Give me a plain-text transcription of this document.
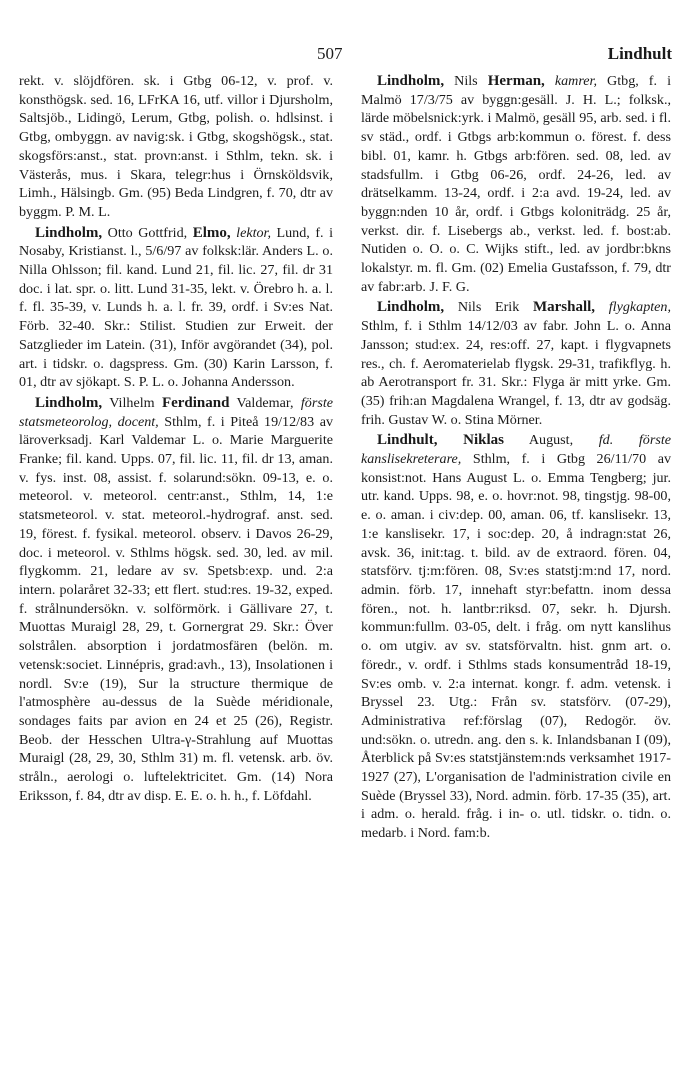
507	Lindhult

rekt. v. slöjdfören. sk. i Gtbg 06-12, v. prof. v. konsthögsk. sed. 16, LFrKA 16, utf. villor i Djursholm, Saltsjöb., Lidingö, Lerum, Gtbg, polish. o. hdlsinst. i Gtbg, ombyggn. av navig:sk. i Gtbg, skogshögsk., stat. skogsförs:anst., stat. provn:anst. i Sthlm, tekn. sk. i Västerås, mus. i Skara, telegr:hus i Örnsköldsvik, Limh., Hälsingb. Gm. (95) Beda Lindgren, f. 70, dtr av byggm. P. M. L.

Lindholm, Otto Gottfrid, Elmo, lektor, Lund, f. i Nosaby, Kristianst. l., 5/6/97 av folksk:lär. Anders L. o. Nilla Ohlsson; fil. kand. Lund 21, fil. lic. 27, fil. dr 31 doc. i lat. spr. o. litt. Lund 31-35, lekt. v. Örebro h. a. l. f. fl. 35-39, v. Lunds h. a. l. fr. 39, ordf. i Sv:es Nat. Förb. 32-40. Skr.: Stilist. Studien zur Erweit. der Satzglieder im Latein. (31), Inför avgörandet (34), pol. art. i tidskr. o. dagspress. Gm. (30) Karin Larsson, f. 01, dtr av sjökapt. S. P. L. o. Johanna Andersson.

Lindholm, Vilhelm Ferdinand Valdemar, förste statsmeteorolog, docent, Sthlm, f. i Piteå 19/12/83 av läroverksadj. Karl Valdemar L. o. Marie Marguerite Franke; fil. kand. Upps. 07, fil. lic. 11, fil. dr 13, aman. v. fys. inst. 08, assist. f. solarund:sökn. 09-13, e. o. meteorol. v. meteorol. centr:anst., Sthlm, 14, 1:e statsmeteorol. v. stat. meteorol.-hydrograf. anst. sed. 19, förest. f. fysikal. meteorol. observ. i Davos 26-29, doc. i meteorol. v. Sthlms högsk. sed. 30, led. av mil. flygkomm. 21, ledare av sv. Spetsb:exp. und. 2:a intern. polaråret 32-33; ett flert. stud:res. 19-32, exped. f. strålnundersökn. v. solförmörk. i Gällivare 27, t. Muottas Muraigl 28, 29, t. Gornergrat 29. Skr.: Över solstrålen. absorption i jordatmosfären (belön. m. vetensk:societ. Linnépris, grad:avh., 13), Insolationen i nordl. Sv:e (19), Sur la structure thermique de l'atmosphère au-dessus de la Suède méridionale, sondages faits par avion en 24 et 25 (26), Registr. Beob. der Hesschen Ultra-γ-Strahlung auf Muottas Muraigl (28, 29, 30, Sthlm 31) m. fl. vetensk. arb. öv. stråln., aerologi o. luftelektricitet. Gm. (14) Nora Eriksson, f. 84, dtr av disp. E. E. o. h. h., f. Löfdahl.

Lindholm, Nils Herman, kamrer, Gtbg, f. i Malmö 17/3/75 av byggn:gesäll. J. H. L.; folksk., lärde möbelsnick:yrk. i Malmö, gesäll 95, arb. sed. i fl. sv städ., ordf. i Gtbgs arb:kommun o. förest. f. dess bibl. 01, kamr. h. Gtbgs arb:fören. sed. 08, led. av stadsfullm. i Gtbg 06-26, ordf. 24-26, led. av drätselkamm. 13-24, ordf. i 2:a avd. 19-24, led. av byggn:nden 10 år, ordf. i Gtbgs koloniträdg. 25 år, verkst. dir. f. Lisebergs ab., verkst. led. f. bost:ab. Nutiden o. O. o. C. Wijks stift., led. av jordbr:bkns lokalstyr. m. fl. Gm. (02) Emelia Gustafsson, f. 79, dtr av fabr:arb. J. F. G.

Lindholm, Nils Erik Marshall, flygkapten, Sthlm, f. i Sthlm 14/12/03 av fabr. John L. o. Anna Jansson; stud:ex. 24, res:off. 27, kapt. i flygvapnets res., ch. f. Aeromaterielab flygsk. 29-31, trafikflyg. h. ab Aerotransport fr. 31. Skr.: Flyga är mitt yrke. Gm. (35) frih:an Magdalena Wrangel, f. 13, dtr av godsäg. frih. Gustav W. o. Stina Mörner.

Lindhult, Niklas August, fd. förste kanslisekreterare, Sthlm, f. i Gtbg 26/11/70 av konsist:not. Hans August L. o. Emma Tengberg; jur. utr. kand. Upps. 98, e. o. hovr:not. 98, tingstjg. 98-00, e. o. aman. i civ:dep. 00, aman. 06, tf. kanslisekr. 13, 1:e kanslisekr. 17, i soc:dep. 20, å indragn:stat 26, avsk. 36, init:tag. t. bild. av de extraord. fören. 04, statsförv. tj:m:fören. 08, Sv:es statstj:m:nd 17, nord. admin. förb. 17, innehaft styr:befattn. inom dessa fören., not. h. lantbr:riksd. 07, sekr. h. Djursh. kommun:fullm. 03-05, delt. i fråg. om nytt kanslihus o. om utgiv. av sv. statsförvaltn. hist. gnm art. o. föredr., v. ordf. i Sthlms stads konsumentråd 18-19, Sv:es omb. v. 2:a internat. kongr. f. adm. vetensk. i Bryssel 23. Utg.: Från sv. statsförv. (07-29), Administrativa ref:förslag (07), Redogör. öv. und:sökn. o. utredn. ang. den s. k. Inlandsbanan I (09), Återblick på Sv:es statstjänstem:nds verksamhet 1917-1927 (27), L'organisation de l'administration civile en Suède (Bryssel 33), Nord. admin. förb. 17-35 (35), art. i adm. o. herald. fråg. i in- o. utl. tidskr. o. tidn. o. medarb. i Nord. fam:b.
